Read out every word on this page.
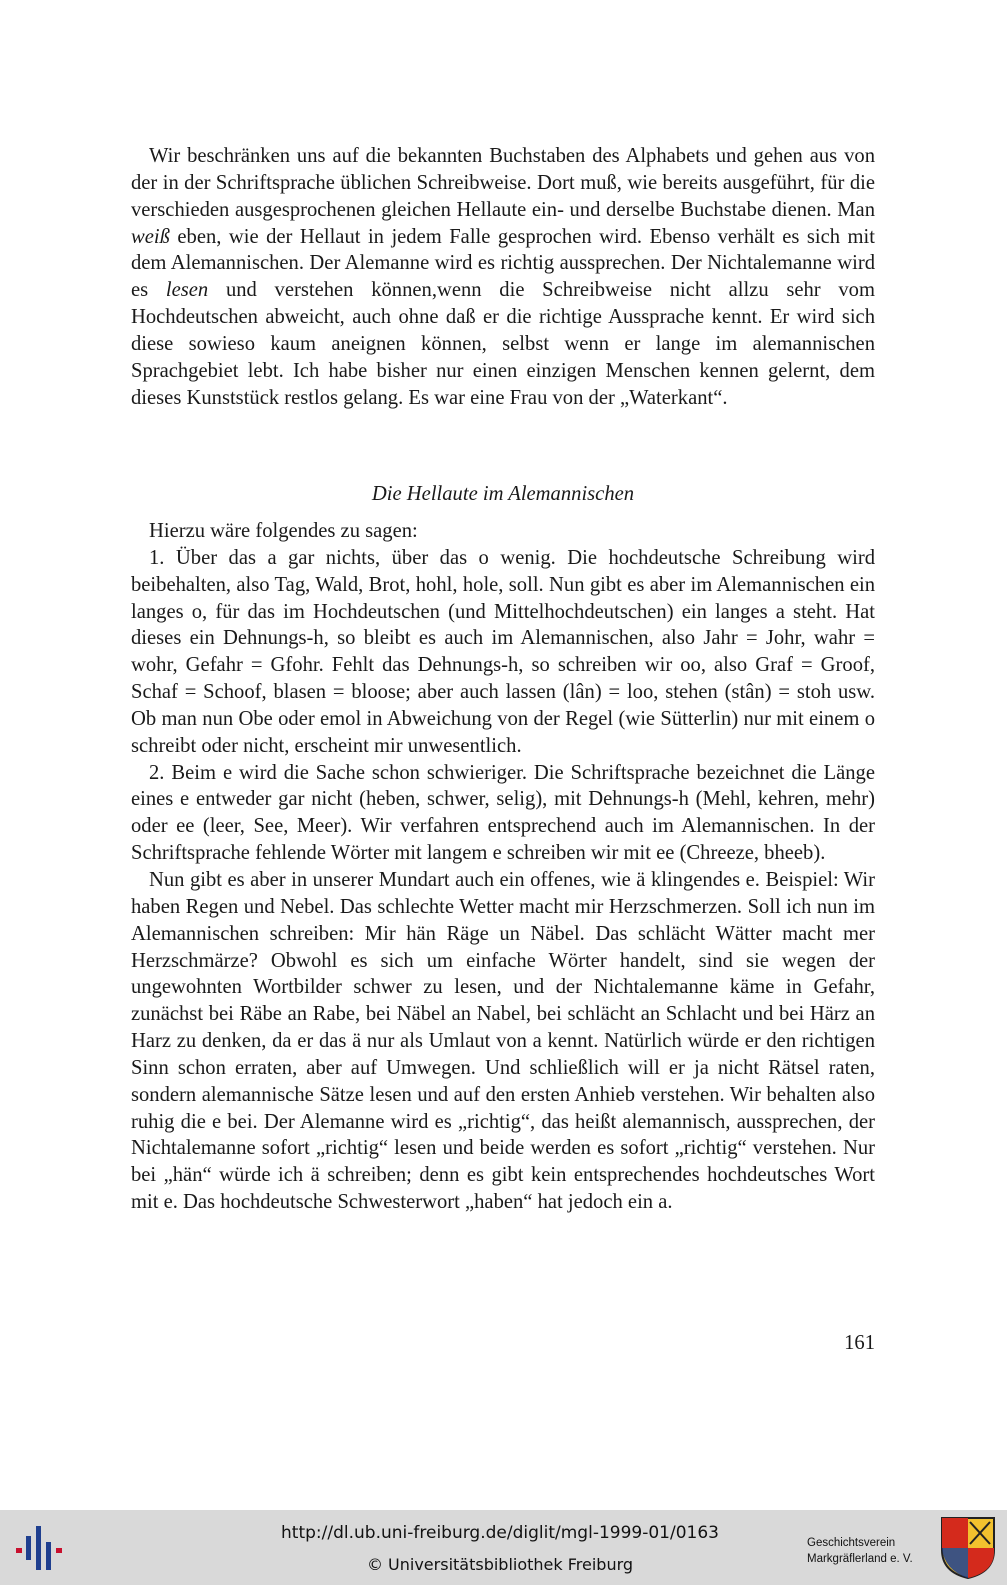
Wir beschränken uns auf die bekannten Buchstaben des Alphabets und gehen aus von der in der Schriftsprache üblichen Schreibweise. Dort muß, wie bereits ausgeführt, für die verschieden ausgesprochenen gleichen Hellaute ein- und derselbe Buchstabe dienen. Man weiß eben, wie der Hellaut in jedem Falle gesprochen wird. Ebenso verhält es sich mit dem Alemannischen. Der Alemanne wird es richtig aussprechen. Der Nichtalemanne wird es lesen und verstehen können,wenn die Schreibweise nicht allzu sehr vom Hochdeutschen abweicht, auch ohne daß er die richtige Aussprache kennt. Er wird sich diese sowieso kaum aneignen können, selbst wenn er lange im alemannischen Sprachgebiet lebt. Ich habe bisher nur einen einzigen Menschen kennen gelernt, dem dieses Kunststück restlos gelang. Es war eine Frau von der „Waterkant“.

Die Hellaute im Alemannischen

Hierzu wäre folgendes zu sagen:

1. Über das a gar nichts, über das o wenig. Die hochdeutsche Schreibung wird beibehalten, also Tag, Wald, Brot, hohl, hole, soll. Nun gibt es aber im Alemannischen ein langes o, für das im Hochdeutschen (und Mittelhochdeutschen) ein langes a steht. Hat dieses ein Dehnungs-h, so bleibt es auch im Alemannischen, also Jahr = Johr, wahr = wohr, Gefahr = Gfohr. Fehlt das Dehnungs-h, so schreiben wir oo, also Graf = Groof, Schaf = Schoof, blasen = bloose; aber auch lassen (lân) = loo, stehen (stân) = stoh usw. Ob man nun Obe oder emol in Abweichung von der Regel (wie Sütterlin) nur mit einem o schreibt oder nicht, erscheint mir unwesentlich.

2. Beim e wird die Sache schon schwieriger. Die Schriftsprache bezeichnet die Länge eines e entweder gar nicht (heben, schwer, selig), mit Dehnungs-h (Mehl, kehren, mehr) oder ee (leer, See, Meer). Wir verfahren entsprechend auch im Alemannischen. In der Schriftsprache fehlende Wörter mit langem e schreiben wir mit ee (Chreeze, bheeb).

Nun gibt es aber in unserer Mundart auch ein offenes, wie ä klingendes e. Beispiel: Wir haben Regen und Nebel. Das schlechte Wetter macht mir Herzschmerzen. Soll ich nun im Alemannischen schreiben: Mir hän Räge un Näbel. Das schlächt Wätter macht mer Herzschmärze? Obwohl es sich um einfache Wörter handelt, sind sie wegen der ungewohnten Wortbilder schwer zu lesen, und der Nichtalemanne käme in Gefahr, zunächst bei Räbe an Rabe, bei Näbel an Nabel, bei schlächt an Schlacht und bei Härz an Harz zu denken, da er das ä nur als Umlaut von a kennt. Natürlich würde er den richtigen Sinn schon erraten, aber auf Umwegen. Und schließlich will er ja nicht Rätsel raten, sondern alemannische Sätze lesen und auf den ersten Anhieb verstehen. Wir behalten also ruhig die e bei. Der Alemanne wird es „richtig“, das heißt alemannisch, aussprechen, der Nichtalemanne sofort „richtig“ lesen und beide werden es sofort „richtig“ verstehen. Nur bei „hän“ würde ich ä schreiben; denn es gibt kein entsprechendes hochdeutsches Wort mit e. Das hochdeutsche Schwesterwort „haben“ hat jedoch ein a.

161
http://dl.ub.uni-freiburg.de/diglit/mgl-1999-01/0163
© Universitätsbibliothek Freiburg
Geschichtsverein
Markgräflerland e. V.
